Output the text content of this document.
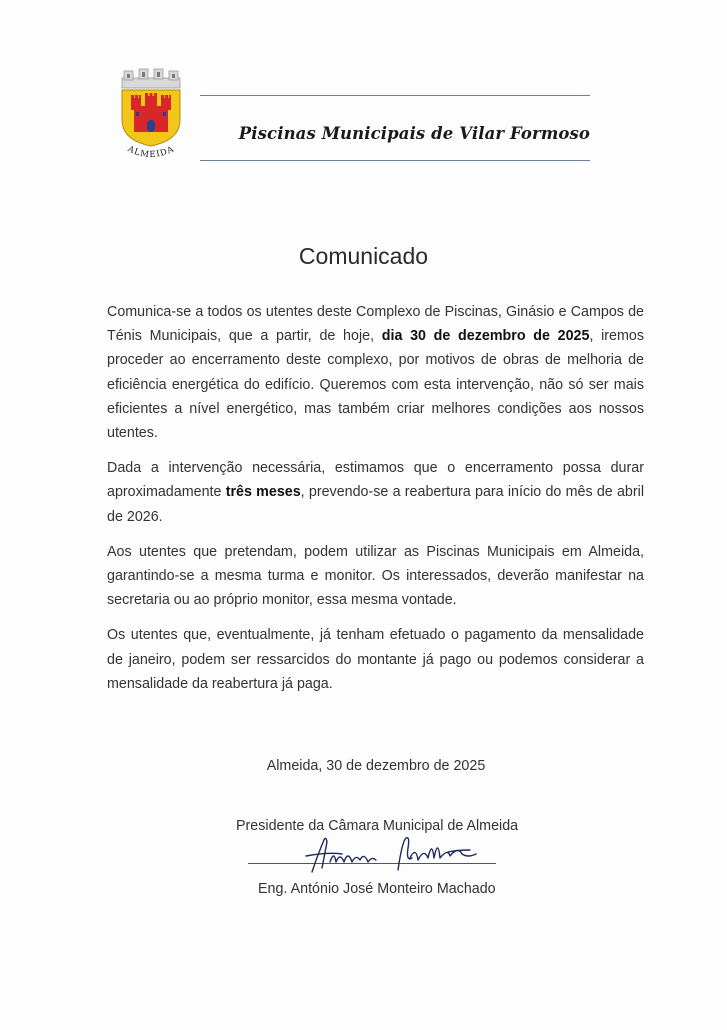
ALMEIDA
Piscinas Municipais de Vilar Formoso
Comunicado

Comunica-se a todos os utentes deste Complexo de Piscinas, Ginásio e Campos de Ténis Municipais, que a partir, de hoje, dia 30 de dezembro de 2025, iremos proceder ao encerramento deste complexo, por motivos de obras de melhoria de eficiência energética do edifício. Queremos com esta intervenção, não só ser mais eficientes a nível energético, mas também criar melhores condições aos nossos utentes.

Dada a intervenção necessária, estimamos que o encerramento possa durar aproximadamente três meses, prevendo-se a reabertura para início do mês de abril de 2026.

Aos utentes que pretendam, podem utilizar as Piscinas Municipais em Almeida, garantindo-se a mesma turma e monitor. Os interessados, deverão manifestar na secretaria ou ao próprio monitor, essa mesma vontade.

Os utentes que, eventualmente, já tenham efetuado o pagamento da mensalidade de janeiro, podem ser ressarcidos do montante já pago ou podemos considerar a mensalidade da reabertura já paga.

Almeida, 30 de dezembro de 2025
Presidente da Câmara Municipal de Almeida
Eng. António José Monteiro Machado
